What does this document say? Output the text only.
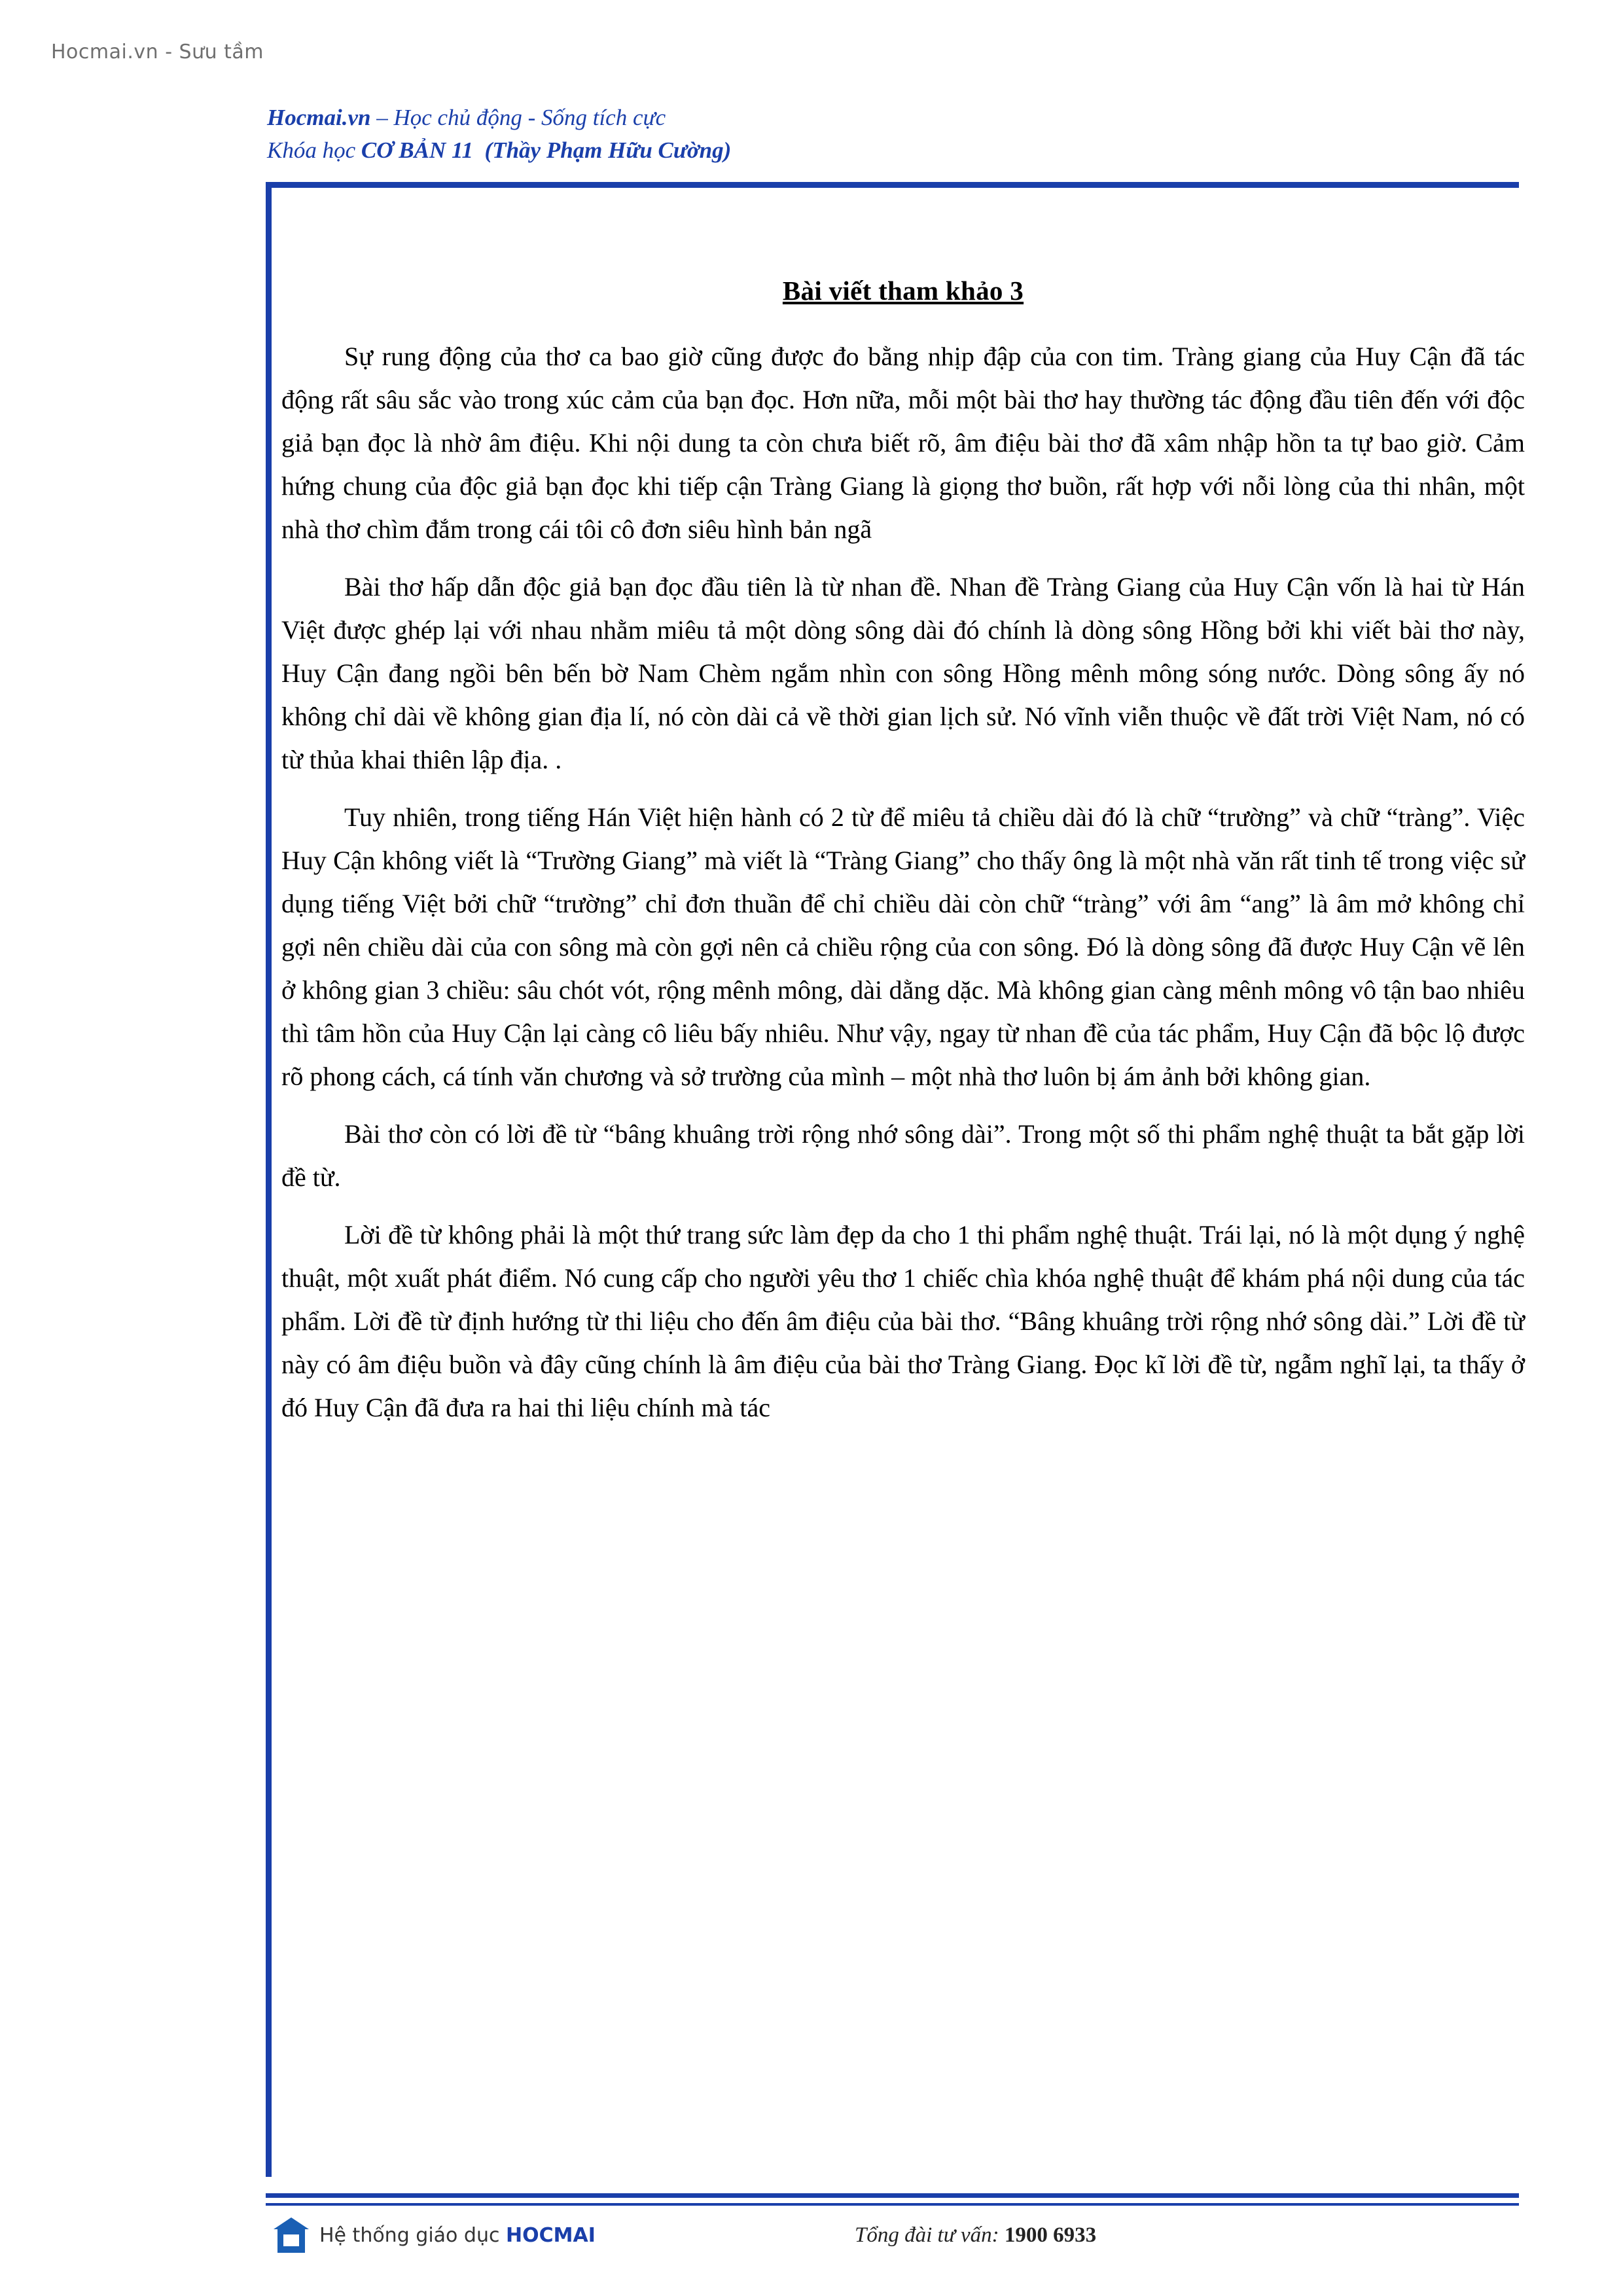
Hocmai.vn - Sưu tầm
Hocmai.vn – Học chủ động - Sống tích cực
Khóa học CƠ BẢN 11 (Thầy Phạm Hữu Cường)
Bài viết tham khảo 3

Sự rung động của thơ ca bao giờ cũng được đo bằng nhịp đập của con tim. Tràng giang của Huy Cận đã tác động rất sâu sắc vào trong xúc cảm của bạn đọc. Hơn nữa, mỗi một bài thơ hay thường tác động đầu tiên đến với độc giả bạn đọc là nhờ âm điệu. Khi nội dung ta còn chưa biết rõ, âm điệu bài thơ đã xâm nhập hồn ta tự bao giờ. Cảm hứng chung của độc giả bạn đọc khi tiếp cận Tràng Giang là giọng thơ buồn, rất hợp với nỗi lòng của thi nhân, một nhà thơ chìm đắm trong cái tôi cô đơn siêu hình bản ngã

Bài thơ hấp dẫn độc giả bạn đọc đầu tiên là từ nhan đề. Nhan đề Tràng Giang của Huy Cận vốn là hai từ Hán Việt được ghép lại với nhau nhằm miêu tả một dòng sông dài đó chính là dòng sông Hồng bởi khi viết bài thơ này, Huy Cận đang ngồi bên bến bờ Nam Chèm ngắm nhìn con sông Hồng mênh mông sóng nước. Dòng sông ấy nó không chỉ dài về không gian địa lí, nó còn dài cả về thời gian lịch sử. Nó vĩnh viễn thuộc về đất trời Việt Nam, nó có từ thủa khai thiên lập địa. .

Tuy nhiên, trong tiếng Hán Việt hiện hành có 2 từ để miêu tả chiều dài đó là chữ “trường” và chữ “tràng”. Việc Huy Cận không viết là “Trường Giang” mà viết là “Tràng Giang” cho thấy ông là một nhà văn rất tinh tế trong việc sử dụng tiếng Việt bởi chữ “trường” chỉ đơn thuần để chỉ chiều dài còn chữ “tràng” với âm “ang” là âm mở không chỉ gợi nên chiều dài của con sông mà còn gợi nên cả chiều rộng của con sông. Đó là dòng sông đã được Huy Cận vẽ lên ở không gian 3 chiều: sâu chót vót, rộng mênh mông, dài dằng dặc. Mà không gian càng mênh mông vô tận bao nhiêu thì tâm hồn của Huy Cận lại càng cô liêu bấy nhiêu. Như vậy, ngay từ nhan đề của tác phẩm, Huy Cận đã bộc lộ được rõ phong cách, cá tính văn chương và sở trường của mình – một nhà thơ luôn bị ám ảnh bởi không gian.

Bài thơ còn có lời đề từ “bâng khuâng trời rộng nhớ sông dài”. Trong một số thi phẩm nghệ thuật ta bắt gặp lời đề từ.

Lời đề từ không phải là một thứ trang sức làm đẹp da cho 1 thi phẩm nghệ thuật. Trái lại, nó là một dụng ý nghệ thuật, một xuất phát điểm. Nó cung cấp cho người yêu thơ 1 chiếc chìa khóa nghệ thuật để khám phá nội dung của tác phẩm. Lời đề từ định hướng từ thi liệu cho đến âm điệu của bài thơ. “Bâng khuâng trời rộng nhớ sông dài.” Lời đề từ này có âm điệu buồn và đây cũng chính là âm điệu của bài thơ Tràng Giang. Đọc kĩ lời đề từ, ngẫm nghĩ lại, ta thấy ở đó Huy Cận đã đưa ra hai thi liệu chính mà tác

Hệ thống giáo dục HOCMAI	Tổng đài tư vấn: 1900 6933
